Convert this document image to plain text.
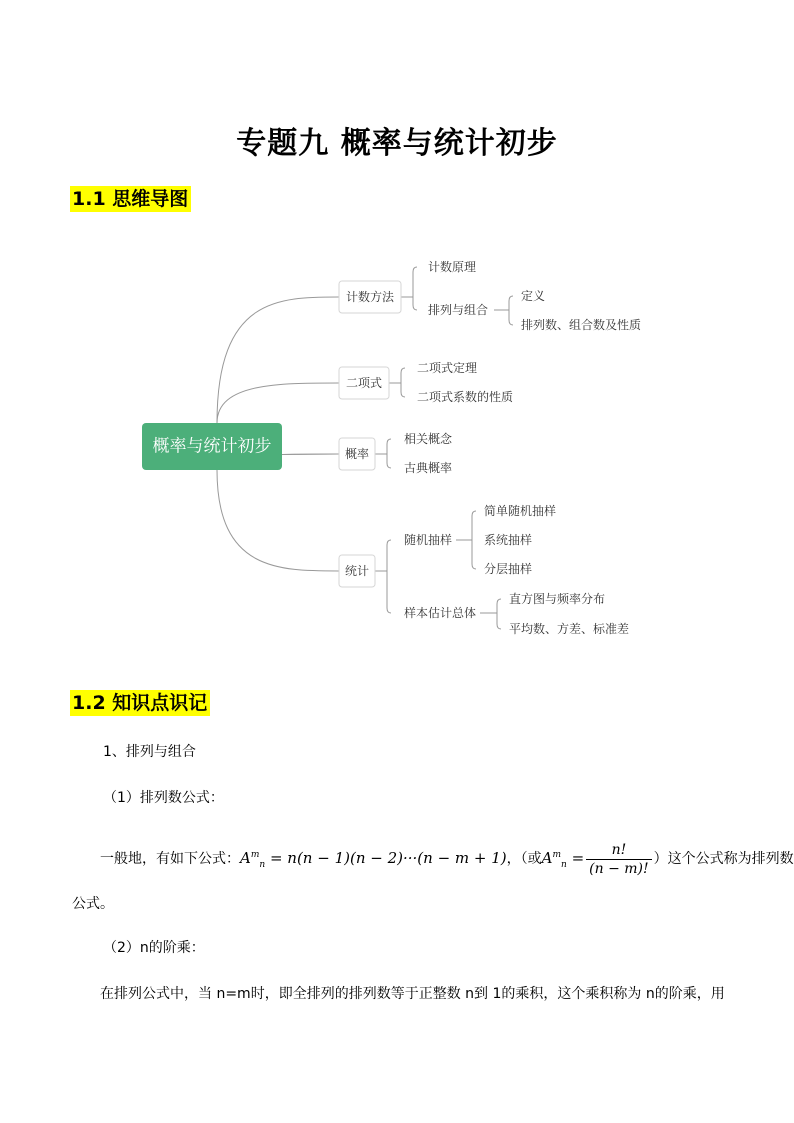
专题九 概率与统计初步
1.1 思维导图
概率与统计初步
计数方法
计数原理
排列与组合
定义
排列数、组合数及性质
二项式
二项式定理
二项式系数的性质
概率
相关概念
古典概率
统计
随机抽样
简单随机抽样
系统抽样
分层抽样
样本估计总体
直方图与频率分布
平均数、方差、标准差
1.2 知识点识记
1、排列与组合
（1）排列数公式：
一般地，有如下公式：$A^m_n = n(n - 1)(n - 2)\cdot\cdot\cdot(n - m + 1)$，（或$A^m_n = \frac{n!}{(n - m)!}$ ）这个公式称为排列数
公式。
（2）n的阶乘：
在排列公式中，当 n=m时，即全排列的排列数等于正整数 n到 1的乘积，这个乘积称为 n的阶乘，用
